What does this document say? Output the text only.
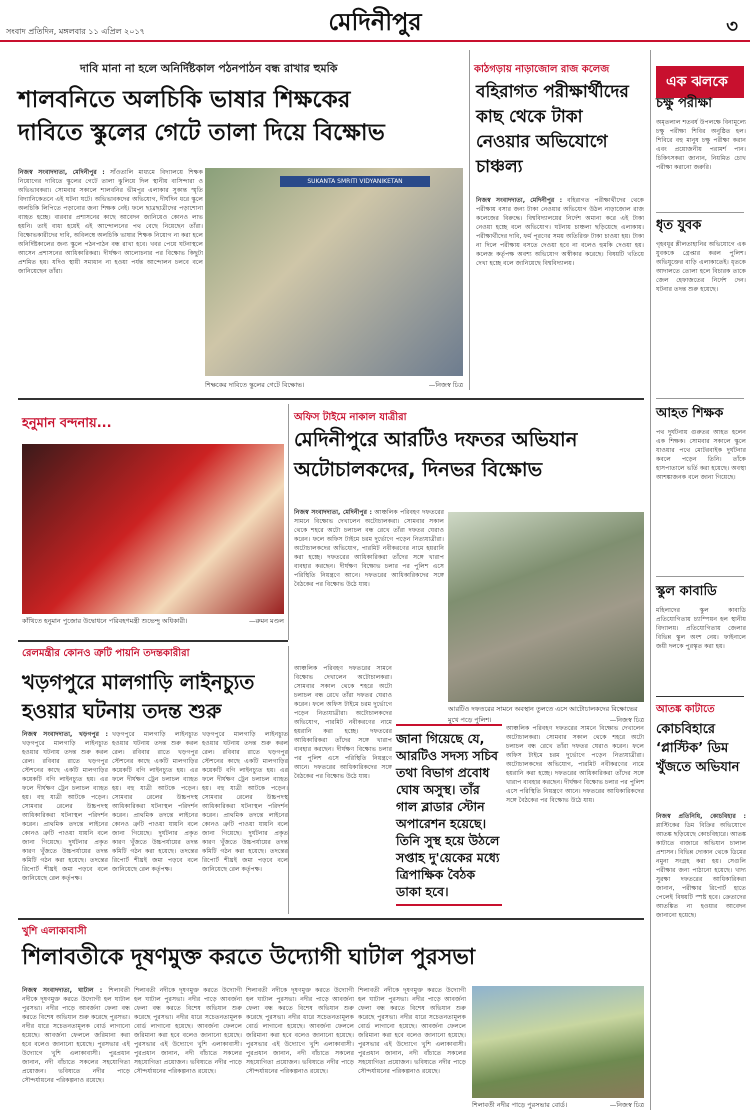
সংবাদ প্রতিদিন, মঙ্গলবার ১১ এপ্রিল ২০১৭	মেদিনীপুর	৩
দাবি মানা না হলে অনির্দিষ্টকাল পঠনপাঠন বন্ধ রাখার হুমকি
শালবনিতে অলচিকি ভাষার শিক্ষকের
দাবিতে স্কুলের গেটে তালা দিয়ে বিক্ষোভ
নিজস্ব সংবাদদাতা, মেদিনীপুর : সাঁওতালি মাধ্যমে বিদ্যালয়ে শিক্ষক নিয়োগের দাবিতে স্কুলের গেটে তালা ঝুলিয়ে দিল স্থানীয় বাসিন্দারা ও অভিভাবকরা। সোমবার সকালে শালবনির ভীমপুর এলাকার সুকান্ত স্মৃতি বিদ্যানিকেতনে এই ঘটনা ঘটে। অভিভাবকদের অভিযোগ, দীর্ঘদিন ধরে স্কুলে অলচিকি লিপিতে পড়ানোর জন্য শিক্ষক নেই। ফলে ছাত্রছাত্রীদের পড়াশোনা ব্যাহত হচ্ছে। বারবার প্রশাসনের কাছে আবেদন জানিয়েও কোনও লাভ হয়নি। তাই বাধ্য হয়েই এই আন্দোলনের পথ বেছে নিয়েছেন তাঁরা। বিক্ষোভকারীদের দাবি, অবিলম্বে অলচিকি ভাষার শিক্ষক নিয়োগ না করা হলে অনির্দিষ্টকালের জন্য স্কুলে পঠনপাঠন বন্ধ রাখা হবে। খবর পেয়ে ঘটনাস্থলে আসেন প্রশাসনের আধিকারিকরা। দীর্ঘক্ষণ আলোচনার পর বিক্ষোভ কিছুটা প্রশমিত হয়। যদিও স্থায়ী সমাধান না হওয়া পর্যন্ত আন্দোলন চলবে বলে জানিয়েছেন তাঁরা।
SUKANTA SMRITI VIDYANIKETAN
শিক্ষকের দাবিতে স্কুলের গেটে বিক্ষোভ।	—নিজস্ব চিত্র
কাঠগড়ায় নাড়াজোল রাজ কলেজ
বহিরাগত পরীক্ষার্থীদের কাছ থেকে টাকা নেওয়ার অভিযোগে চাঞ্চল্য
নিজস্ব সংবাদদাতা, মেদিনীপুর : বহিরাগত পরীক্ষার্থীদের থেকে পরীক্ষায় বসার জন্য টাকা নেওয়ার অভিযোগ উঠল নাড়াজোল রাজ কলেজের বিরুদ্ধে। বিশ্ববিদ্যালয়ের নির্দেশ অমান্য করে এই টাকা নেওয়া হচ্ছে বলে অভিযোগ। ঘটনায় চাঞ্চল্য ছড়িয়েছে এলাকায়। পরীক্ষার্থীদের দাবি, ফর্ম পূরণের সময় অতিরিক্ত টাকা চাওয়া হয়। টাকা না দিলে পরীক্ষায় বসতে দেওয়া হবে না বলেও হুমকি দেওয়া হয়। কলেজ কর্তৃপক্ষ অবশ্য অভিযোগ অস্বীকার করেছে। বিষয়টি খতিয়ে দেখা হচ্ছে বলে জানিয়েছে বিশ্ববিদ্যালয়।
এক ঝলকে
চক্ষু পরীক্ষা
অমৃতলাল শতবর্ষ উপলক্ষে বিনামূল্যে চক্ষু পরীক্ষা শিবির অনুষ্ঠিত হল। শিবিরে বহু মানুষ চক্ষু পরীক্ষা করান এবং প্রয়োজনীয় পরামর্শ পান। চিকিৎসকরা জানান, নিয়মিত চোখ পরীক্ষা করানো জরুরি।
ধৃত যুবক
গৃহবধূর শ্লীলতাহানির অভিযোগে এক যুবককে গ্রেপ্তার করল পুলিশ। অভিযুক্তের বাড়ি এলাকাতেই। ধৃতকে আদালতে তোলা হলে বিচারক তাকে জেল হেফাজতের নির্দেশ দেন। ঘটনার তদন্ত শুরু হয়েছে।
আহত শিক্ষক
পথ দুর্ঘটনায় গুরুতর আহত হলেন এক শিক্ষক। সোমবার সকালে স্কুলে যাওয়ার পথে মোটরবাইক দুর্ঘটনার কবলে পড়েন তিনি। তাঁকে হাসপাতালে ভর্তি করা হয়েছে। অবস্থা আশঙ্কাজনক বলে জানা গিয়েছে।
স্কুল কাবাডি
মহিলাদের স্কুল কাবাডি প্রতিযোগিতায় চ্যাম্পিয়ন হল স্থানীয় বিদ্যালয়। প্রতিযোগিতায় জেলার বিভিন্ন স্কুল অংশ নেয়। ফাইনালে জয়ী দলকে পুরস্কৃত করা হয়।
হনুমান বন্দনায়...
কাঁথিতে হনুমান পুজোর উদ্বোধনে পরিবহণমন্ত্রী শুভেন্দু অধিকারী।	—রুমন মণ্ডল
অফিস টাইমে নাকাল যাত্রীরা
মেদিনীপুরে আরটিও দফতর অভিযান
অটোচালকদের, দিনভর বিক্ষোভ
নিজস্ব সংবাদদাতা, মেদিনীপুর : আঞ্চলিক পরিবহণ দফতরের সামনে বিক্ষোভ দেখালেন অটোচালকরা। সোমবার সকাল থেকে শহরে অটো চলাচল বন্ধ রেখে তাঁরা দফতর ঘেরাও করেন। ফলে অফিস টাইমে চরম দুর্ভোগে পড়েন নিত্যযাত্রীরা। অটোচালকদের অভিযোগ, পারমিট নবীকরণের নামে হয়রানি করা হচ্ছে। দফতরের আধিকারিকরা তাঁদের সঙ্গে খারাপ ব্যবহার করছেন। দীর্ঘক্ষণ বিক্ষোভ চলার পর পুলিশ এসে পরিস্থিতি নিয়ন্ত্রণে আনে। দফতরের আধিকারিকদের সঙ্গে বৈঠকের পর বিক্ষোভ উঠে যায়।
আরটিও দফতরের সামনে অবস্থান তুলতে এসে আটোচালকদের বিক্ষোভের মুখে পড়ে পুলিশ।	—নিজস্ব চিত্র
জানা গিয়েছে যে, আরটিও সদস্য সচিব তথা বিভাগ প্রবোধ ঘোষ অসুস্থ। তাঁর গাল ব্লাডার স্টোন অপারেশন হয়েছে। তিনি সুস্থ হয়ে উঠলে সপ্তাহ দু'য়েকের মধ্যে ত্রিপাক্ষিক বৈঠক ডাকা হবে।
আঞ্চলিক পরিবহণ দফতরের সামনে বিক্ষোভ দেখালেন অটোচালকরা। সোমবার সকাল থেকে শহরে অটো চলাচল বন্ধ রেখে তাঁরা দফতর ঘেরাও করেন। ফলে অফিস টাইমে চরম দুর্ভোগে পড়েন নিত্যযাত্রীরা। অটোচালকদের অভিযোগ, পারমিট নবীকরণের নামে হয়রানি করা হচ্ছে। দফতরের আধিকারিকরা তাঁদের সঙ্গে খারাপ ব্যবহার করছেন। দীর্ঘক্ষণ বিক্ষোভ চলার পর পুলিশ এসে পরিস্থিতি নিয়ন্ত্রণে আনে। দফতরের আধিকারিকদের সঙ্গে বৈঠকের পর বিক্ষোভ উঠে যায়।
আঞ্চলিক পরিবহণ দফতরের সামনে বিক্ষোভ দেখালেন অটোচালকরা। সোমবার সকাল থেকে শহরে অটো চলাচল বন্ধ রেখে তাঁরা দফতর ঘেরাও করেন। ফলে অফিস টাইমে চরম দুর্ভোগে পড়েন নিত্যযাত্রীরা। অটোচালকদের অভিযোগ, পারমিট নবীকরণের নামে হয়রানি করা হচ্ছে। দফতরের আধিকারিকরা তাঁদের সঙ্গে খারাপ ব্যবহার করছেন। দীর্ঘক্ষণ বিক্ষোভ চলার পর পুলিশ এসে পরিস্থিতি নিয়ন্ত্রণে আনে। দফতরের আধিকারিকদের সঙ্গে বৈঠকের পর বিক্ষোভ উঠে যায়।
রেলমন্ত্রীর কোনও ত্রুটি পায়নি তদন্তকারীরা
খড়গপুরে মালগাড়ি লাইনচ্যুত
হওয়ার ঘটনায় তদন্ত শুরু
নিজস্ব সংবাদদাতা, খড়গপুর : খড়গপুরে মালগাড়ি লাইনচ্যুত হওয়ার ঘটনায় তদন্ত শুরু করল রেল। রবিবার রাতে খড়গপুর স্টেশনের কাছে একটি মালগাড়ির কয়েকটি বগি লাইনচ্যুত হয়। এর ফলে দীর্ঘক্ষণ ট্রেন চলাচল ব্যাহত হয়। বহু যাত্রী আটকে পড়েন। সোমবার রেলের উচ্চপদস্থ আধিকারিকরা ঘটনাস্থল পরিদর্শন করেন। প্রাথমিক তদন্তে লাইনের কোনও ত্রুটি পাওয়া যায়নি বলে জানা গিয়েছে। দুর্ঘটনার প্রকৃত কারণ খুঁজতে উচ্চপর্যায়ের তদন্ত কমিটি গঠন করা হয়েছে। তদন্তের রিপোর্ট শীঘ্রই জমা পড়বে বলে জানিয়েছে রেল কর্তৃপক্ষ।
খড়গপুরে মালগাড়ি লাইনচ্যুত হওয়ার ঘটনায় তদন্ত শুরু করল রেল। রবিবার রাতে খড়গপুর স্টেশনের কাছে একটি মালগাড়ির কয়েকটি বগি লাইনচ্যুত হয়। এর ফলে দীর্ঘক্ষণ ট্রেন চলাচল ব্যাহত হয়। বহু যাত্রী আটকে পড়েন। সোমবার রেলের উচ্চপদস্থ আধিকারিকরা ঘটনাস্থল পরিদর্শন করেন। প্রাথমিক তদন্তে লাইনের কোনও ত্রুটি পাওয়া যায়নি বলে জানা গিয়েছে। দুর্ঘটনার প্রকৃত কারণ খুঁজতে উচ্চপর্যায়ের তদন্ত কমিটি গঠন করা হয়েছে। তদন্তের রিপোর্ট শীঘ্রই জমা পড়বে বলে জানিয়েছে রেল কর্তৃপক্ষ।
খড়গপুরে মালগাড়ি লাইনচ্যুত হওয়ার ঘটনায় তদন্ত শুরু করল রেল। রবিবার রাতে খড়গপুর স্টেশনের কাছে একটি মালগাড়ির কয়েকটি বগি লাইনচ্যুত হয়। এর ফলে দীর্ঘক্ষণ ট্রেন চলাচল ব্যাহত হয়। বহু যাত্রী আটকে পড়েন। সোমবার রেলের উচ্চপদস্থ আধিকারিকরা ঘটনাস্থল পরিদর্শন করেন। প্রাথমিক তদন্তে লাইনের কোনও ত্রুটি পাওয়া যায়নি বলে জানা গিয়েছে। দুর্ঘটনার প্রকৃত কারণ খুঁজতে উচ্চপর্যায়ের তদন্ত কমিটি গঠন করা হয়েছে। তদন্তের রিপোর্ট শীঘ্রই জমা পড়বে বলে জানিয়েছে রেল কর্তৃপক্ষ।
আতঙ্ক কাটাতে
কোচবিহারে ‘প্লাস্টিক’ ডিম খুঁজতে অভিযান
নিজস্ব প্রতিনিধি, কোচবিহার : প্লাস্টিকের ডিম বিক্রির অভিযোগে আতঙ্ক ছড়িয়েছে কোচবিহারে। আতঙ্ক কাটাতে বাজারে অভিযান চালাল প্রশাসন। বিভিন্ন দোকান থেকে ডিমের নমুনা সংগ্রহ করা হয়। সেগুলি পরীক্ষার জন্য পাঠানো হয়েছে। খাদ্য সুরক্ষা দফতরের আধিকারিকরা জানান, পরীক্ষার রিপোর্ট হাতে পেলেই বিষয়টি স্পষ্ট হবে। ক্রেতাদের আতঙ্কিত না হওয়ার আবেদন জানানো হয়েছে।
খুশি এলাকাবাসী
শিলাবতীকে দূষণমুক্ত করতে উদ্যোগী ঘাটাল পুরসভা
নিজস্ব সংবাদদাতা, ঘাটাল : শিলাবতী নদীকে দূষণমুক্ত করতে উদ্যোগী হল ঘাটাল পুরসভা। নদীর পাড়ে আবর্জনা ফেলা বন্ধ করতে বিশেষ অভিযান শুরু করেছে পুরসভা। নদীর ধারে সচেতনতামূলক বোর্ড লাগানো হয়েছে। আবর্জনা ফেললে জরিমানা করা হবে বলেও জানানো হয়েছে। পুরসভার এই উদ্যোগে খুশি এলাকাবাসী। পুরপ্রধান জানান, নদী বাঁচাতে সকলের সহযোগিতা প্রয়োজন। ভবিষ্যতে নদীর পাড়ে সৌন্দর্যায়নের পরিকল্পনাও রয়েছে।
শিলাবতী নদীকে দূষণমুক্ত করতে উদ্যোগী হল ঘাটাল পুরসভা। নদীর পাড়ে আবর্জনা ফেলা বন্ধ করতে বিশেষ অভিযান শুরু করেছে পুরসভা। নদীর ধারে সচেতনতামূলক বোর্ড লাগানো হয়েছে। আবর্জনা ফেললে জরিমানা করা হবে বলেও জানানো হয়েছে। পুরসভার এই উদ্যোগে খুশি এলাকাবাসী। পুরপ্রধান জানান, নদী বাঁচাতে সকলের সহযোগিতা প্রয়োজন। ভবিষ্যতে নদীর পাড়ে সৌন্দর্যায়নের পরিকল্পনাও রয়েছে।
শিলাবতী নদীকে দূষণমুক্ত করতে উদ্যোগী হল ঘাটাল পুরসভা। নদীর পাড়ে আবর্জনা ফেলা বন্ধ করতে বিশেষ অভিযান শুরু করেছে পুরসভা। নদীর ধারে সচেতনতামূলক বোর্ড লাগানো হয়েছে। আবর্জনা ফেললে জরিমানা করা হবে বলেও জানানো হয়েছে। পুরসভার এই উদ্যোগে খুশি এলাকাবাসী। পুরপ্রধান জানান, নদী বাঁচাতে সকলের সহযোগিতা প্রয়োজন। ভবিষ্যতে নদীর পাড়ে সৌন্দর্যায়নের পরিকল্পনাও রয়েছে।
শিলাবতী নদীকে দূষণমুক্ত করতে উদ্যোগী হল ঘাটাল পুরসভা। নদীর পাড়ে আবর্জনা ফেলা বন্ধ করতে বিশেষ অভিযান শুরু করেছে পুরসভা। নদীর ধারে সচেতনতামূলক বোর্ড লাগানো হয়েছে। আবর্জনা ফেললে জরিমানা করা হবে বলেও জানানো হয়েছে। পুরসভার এই উদ্যোগে খুশি এলাকাবাসী। পুরপ্রধান জানান, নদী বাঁচাতে সকলের সহযোগিতা প্রয়োজন। ভবিষ্যতে নদীর পাড়ে সৌন্দর্যায়নের পরিকল্পনাও রয়েছে।
শিলাবতী নদীর পাড়ে পুরসভার বোর্ড।	—নিজস্ব চিত্র
